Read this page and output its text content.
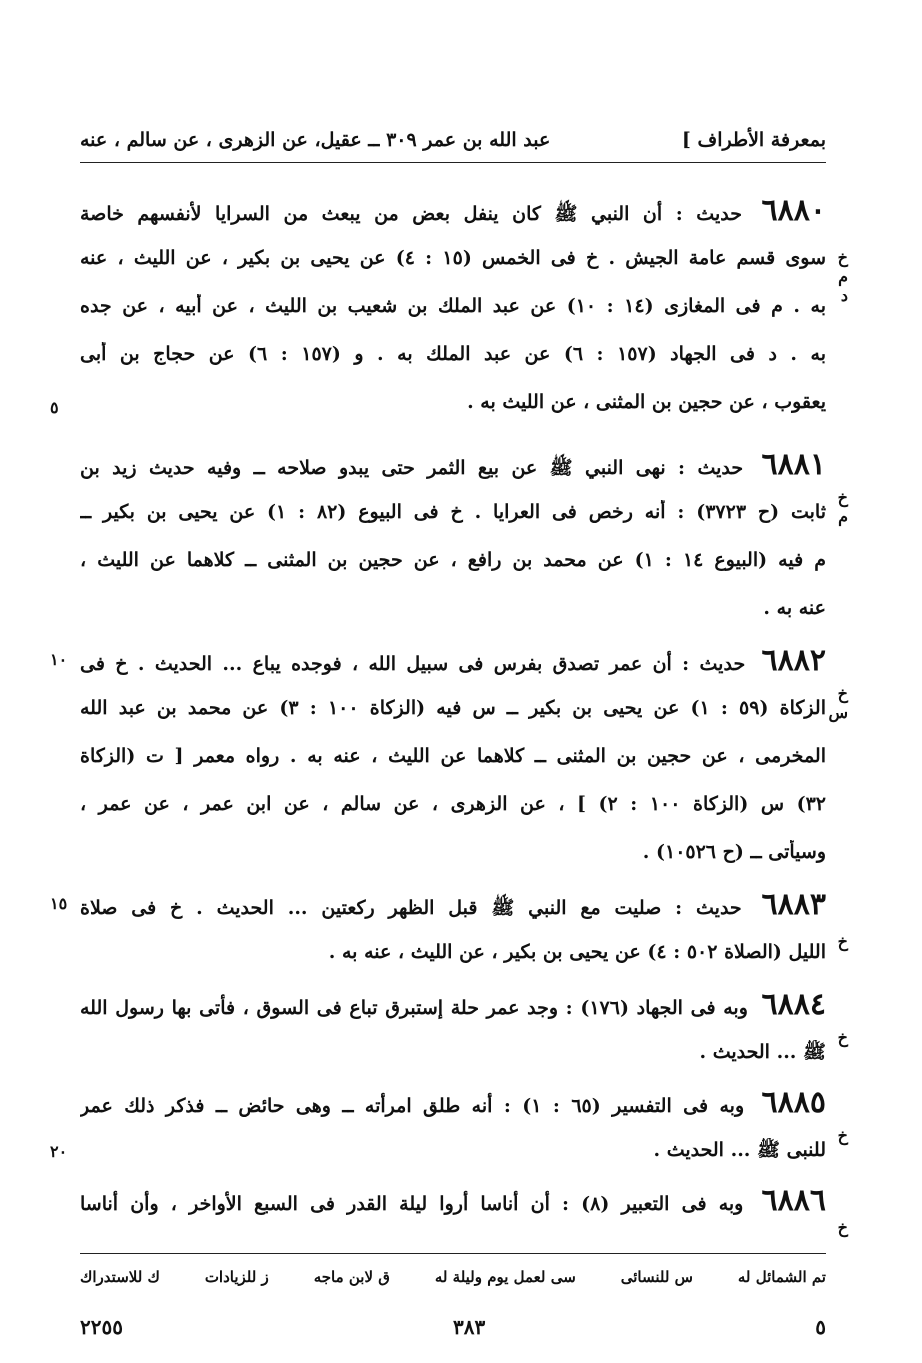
بمعرفة الأطراف ]
عبد الله بن عمر ٣٠٩ ــ عقيل، عن الزهرى ، عن سالم ، عنه
خ م د
٦٨٨٠ حديث : أن النبي ﷺ كان ينفل بعض من يبعث من السرايا لأنفسهم خاصة
سوى قسم عامة الجيش . خ فى الخمس (١٥ : ٤) عن يحيى بن بكير ، عن الليث ، عنه
به . م فى المغازى (١٤ : ١٠) عن عبد الملك بن شعيب بن الليث ، عن أبيه ، عن جده
به . د فى الجهاد (١٥٧ : ٦) عن عبد الملك به . و (١٥٧ : ٦) عن حجاج بن أبى
يعقوب ، عن حجين بن المثنى ، عن الليث به .
٥
خ م
٦٨٨١ حديث : نهى النبي ﷺ عن بيع الثمر حتى يبدو صلاحه ــ وفيه حديث زيد بن
ثابت (ح ٣٧٢٣) : أنه رخص فى العرايا . خ فى البيوع (٨٢ : ١) عن يحيى بن بكير ــ
م فيه (البيوع ١٤ : ١) عن محمد بن رافع ، عن حجين بن المثنى ــ كلاهما عن الليث ،
عنه به .
خ س
٦٨٨٢ حديث : أن عمر تصدق بفرس فى سبيل الله ، فوجده يباع ... الحديث . خ فى
الزكاة (٥٩ : ١) عن يحيى بن بكير ــ س فيه (الزكاة ١٠٠ : ٣) عن محمد بن عبد الله
المخرمى ، عن حجين بن المثنى ــ كلاهما عن الليث ، عنه به . رواه معمر [ ت (الزكاة
٣٢) س (الزكاة ١٠٠ : ٢) ] ، عن الزهرى ، عن سالم ، عن ابن عمر ، عن عمر ،
وسيأتى ــ (ح ١٠٥٢٦) .
١٠
خ
٦٨٨٣ حديث : صليت مع النبي ﷺ قبل الظهر ركعتين ... الحديث . خ فى صلاة
الليل (الصلاة ٥٠٢ : ٤) عن يحيى بن بكير ، عن الليث ، عنه به .
١٥
خ
٦٨٨٤ وبه فى الجهاد (١٧٦) : وجد عمر حلة إستبرق تباع فى السوق ، فأتى بها رسول الله
ﷺ ... الحديث .
خ
٦٨٨٥ وبه فى التفسير (٦٥ : ١) : أنه طلق امرأته ــ وهى حائض ــ فذكر ذلك عمر
للنبى ﷺ ... الحديث .
٢٠
خ
٦٨٨٦ وبه فى التعبير (٨) : أن أناسا أروا ليلة القدر فى السبع الأواخر ، وأن أناسا
تم الشمائل له
س للنسائى
سى لعمل يوم وليلة له
ق لابن ماجه
ز للزيادات
ك للاستدراك
٢٢٥٥	٣٨٣	٥
